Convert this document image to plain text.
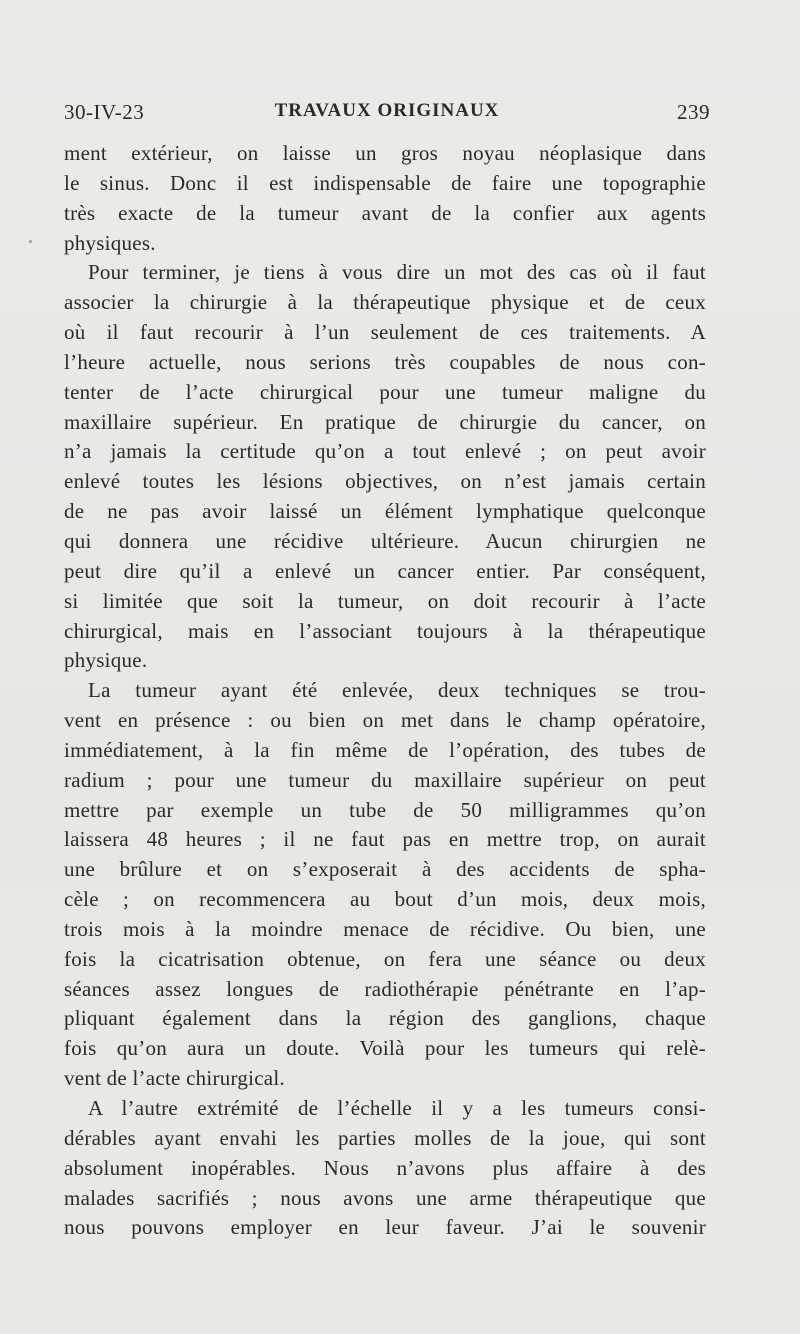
30-IV-23	TRAVAUX ORIGINAUX	239
ment extérieur, on laisse un gros noyau néoplasique dans
le sinus. Donc il est indispensable de faire une topographie
très exacte de la tumeur avant de la confier aux agents
physiques.
Pour terminer, je tiens à vous dire un mot des cas où il faut
associer la chirurgie à la thérapeutique physique et de ceux
où il faut recourir à l’un seulement de ces traitements. A
l’heure actuelle, nous serions très coupables de nous con-
tenter de l’acte chirurgical pour une tumeur maligne du
maxillaire supérieur. En pratique de chirurgie du cancer, on
n’a jamais la certitude qu’on a tout enlevé ; on peut avoir
enlevé toutes les lésions objectives, on n’est jamais certain
de ne pas avoir laissé un élément lymphatique quelconque
qui donnera une récidive ultérieure. Aucun chirurgien ne
peut dire qu’il a enlevé un cancer entier. Par conséquent,
si limitée que soit la tumeur, on doit recourir à l’acte
chirurgical, mais en l’associant toujours à la thérapeutique
physique.
La tumeur ayant été enlevée, deux techniques se trou-
vent en présence : ou bien on met dans le champ opératoire,
immédiatement, à la fin même de l’opération, des tubes de
radium ; pour une tumeur du maxillaire supérieur on peut
mettre par exemple un tube de 50 milligrammes qu’on
laissera 48 heures ; il ne faut pas en mettre trop, on aurait
une brûlure et on s’exposerait à des accidents de spha-
cèle ; on recommencera au bout d’un mois, deux mois,
trois mois à la moindre menace de récidive. Ou bien, une
fois la cicatrisation obtenue, on fera une séance ou deux
séances assez longues de radiothérapie pénétrante en l’ap-
pliquant également dans la région des ganglions, chaque
fois qu’on aura un doute. Voilà pour les tumeurs qui relè-
vent de l’acte chirurgical.
A l’autre extrémité de l’échelle il y a les tumeurs consi-
dérables ayant envahi les parties molles de la joue, qui sont
absolument inopérables. Nous n’avons plus affaire à des
malades sacrifiés ; nous avons une arme thérapeutique que
nous pouvons employer en leur faveur. J’ai le souvenir
